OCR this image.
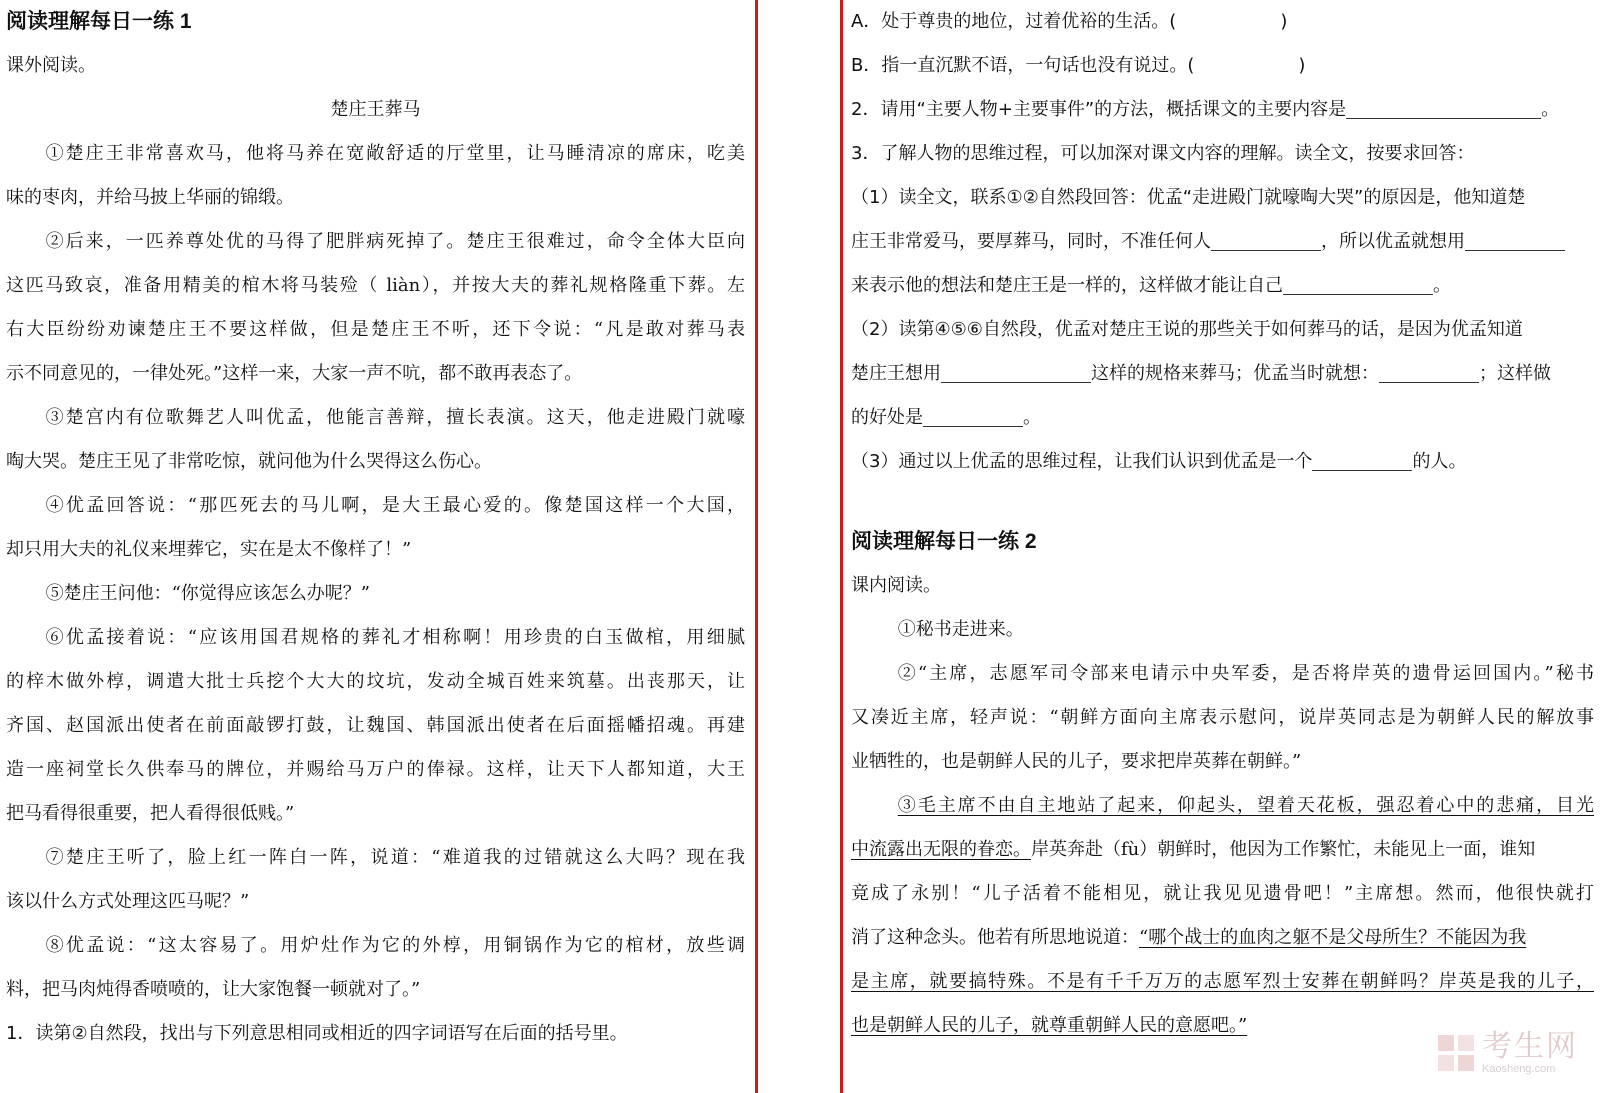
阅读理解每日一练 1
课外阅读。
楚庄王葬马
①楚庄王非常喜欢马，他将马养在宽敞舒适的厅堂里，让马睡清凉的席床，吃美
味的枣肉，并给马披上华丽的锦缎。
②后来，一匹养尊处优的马得了肥胖病死掉了。楚庄王很难过，命令全体大臣向
这匹马致哀，准备用精美的棺木将马装殓（ liàn），并按大夫的葬礼规格隆重下葬。左
右大臣纷纷劝谏楚庄王不要这样做，但是楚庄王不听，还下令说：“凡是敢对葬马表
示不同意见的，一律处死。”这样一来，大家一声不吭，都不敢再表态了。
③楚宫内有位歌舞艺人叫优孟，他能言善辩，擅长表演。这天，他走进殿门就嚎
啕大哭。楚庄王见了非常吃惊，就问他为什么哭得这么伤心。
④优孟回答说：“那匹死去的马儿啊，是大王最心爱的。像楚国这样一个大国，
却只用大夫的礼仪来埋葬它，实在是太不像样了！”
⑤楚庄王问他：“你觉得应该怎么办呢？”
⑥优孟接着说：“应该用国君规格的葬礼才相称啊！用珍贵的白玉做棺，用细腻
的梓木做外椁，调遣大批士兵挖个大大的坟坑，发动全城百姓来筑墓。出丧那天，让
齐国、赵国派出使者在前面敲锣打鼓，让魏国、韩国派出使者在后面摇幡招魂。再建
造一座祠堂长久供奉马的牌位，并赐给马万户的俸禄。这样，让天下人都知道，大王
把马看得很重要，把人看得很低贱。”
⑦楚庄王听了，脸上红一阵白一阵，说道：“难道我的过错就这么大吗？现在我
该以什么方式处理这匹马呢？”
⑧优孟说：“这太容易了。用炉灶作为它的外椁，用铜锅作为它的棺材，放些调
料，把马肉炖得香喷喷的，让大家饱餐一顿就对了。”
1．读第②自然段，找出与下列意思相同或相近的四字词语写在后面的括号里。
A．处于尊贵的地位，过着优裕的生活。(	)
B．指一直沉默不语，一句话也没有说过。(	)
2．请用“主要人物+主要事件”的方法，概括课文的主要内容是	。
3．了解人物的思维过程，可以加深对课文内容的理解。读全文，按要求回答：
（1）读全文，联系①②自然段回答：优孟“走进殿门就嚎啕大哭”的原因是，他知道楚
庄王非常爱马，要厚葬马，同时，不准任何人	，所以优孟就想用
来表示他的想法和楚庄王是一样的，这样做才能让自己	。
（2）读第④⑤⑥自然段，优孟对楚庄王说的那些关于如何葬马的话，是因为优孟知道
楚庄王想用	这样的规格来葬马；优孟当时就想：	；这样做
的好处是	。
（3）通过以上优孟的思维过程，让我们认识到优孟是一个	的人。
阅读理解每日一练 2
课内阅读。
①秘书走进来。
②“主席，志愿军司令部来电请示中央军委，是否将岸英的遗骨运回国内。”秘书
又凑近主席，轻声说：“朝鲜方面向主席表示慰问，说岸英同志是为朝鲜人民的解放事
业牺牲的，也是朝鲜人民的儿子，要求把岸英葬在朝鲜。”
③毛主席不由自主地站了起来，仰起头，望着天花板，强忍着心中的悲痛，目光
中流露出无限的眷恋。岸英奔赴（fù）朝鲜时，他因为工作繁忙，未能见上一面，谁知
竟成了永别！“儿子活着不能相见，就让我见见遗骨吧！”主席想。然而，他很快就打
消了这种念头。他若有所思地说道：“哪个战士的血肉之躯不是父母所生？不能因为我
是主席，就要搞特殊。不是有千千万万的志愿军烈士安葬在朝鲜吗？岸英是我的儿子，
也是朝鲜人民的儿子，就尊重朝鲜人民的意愿吧。”
考生网
Kaosheng.com
